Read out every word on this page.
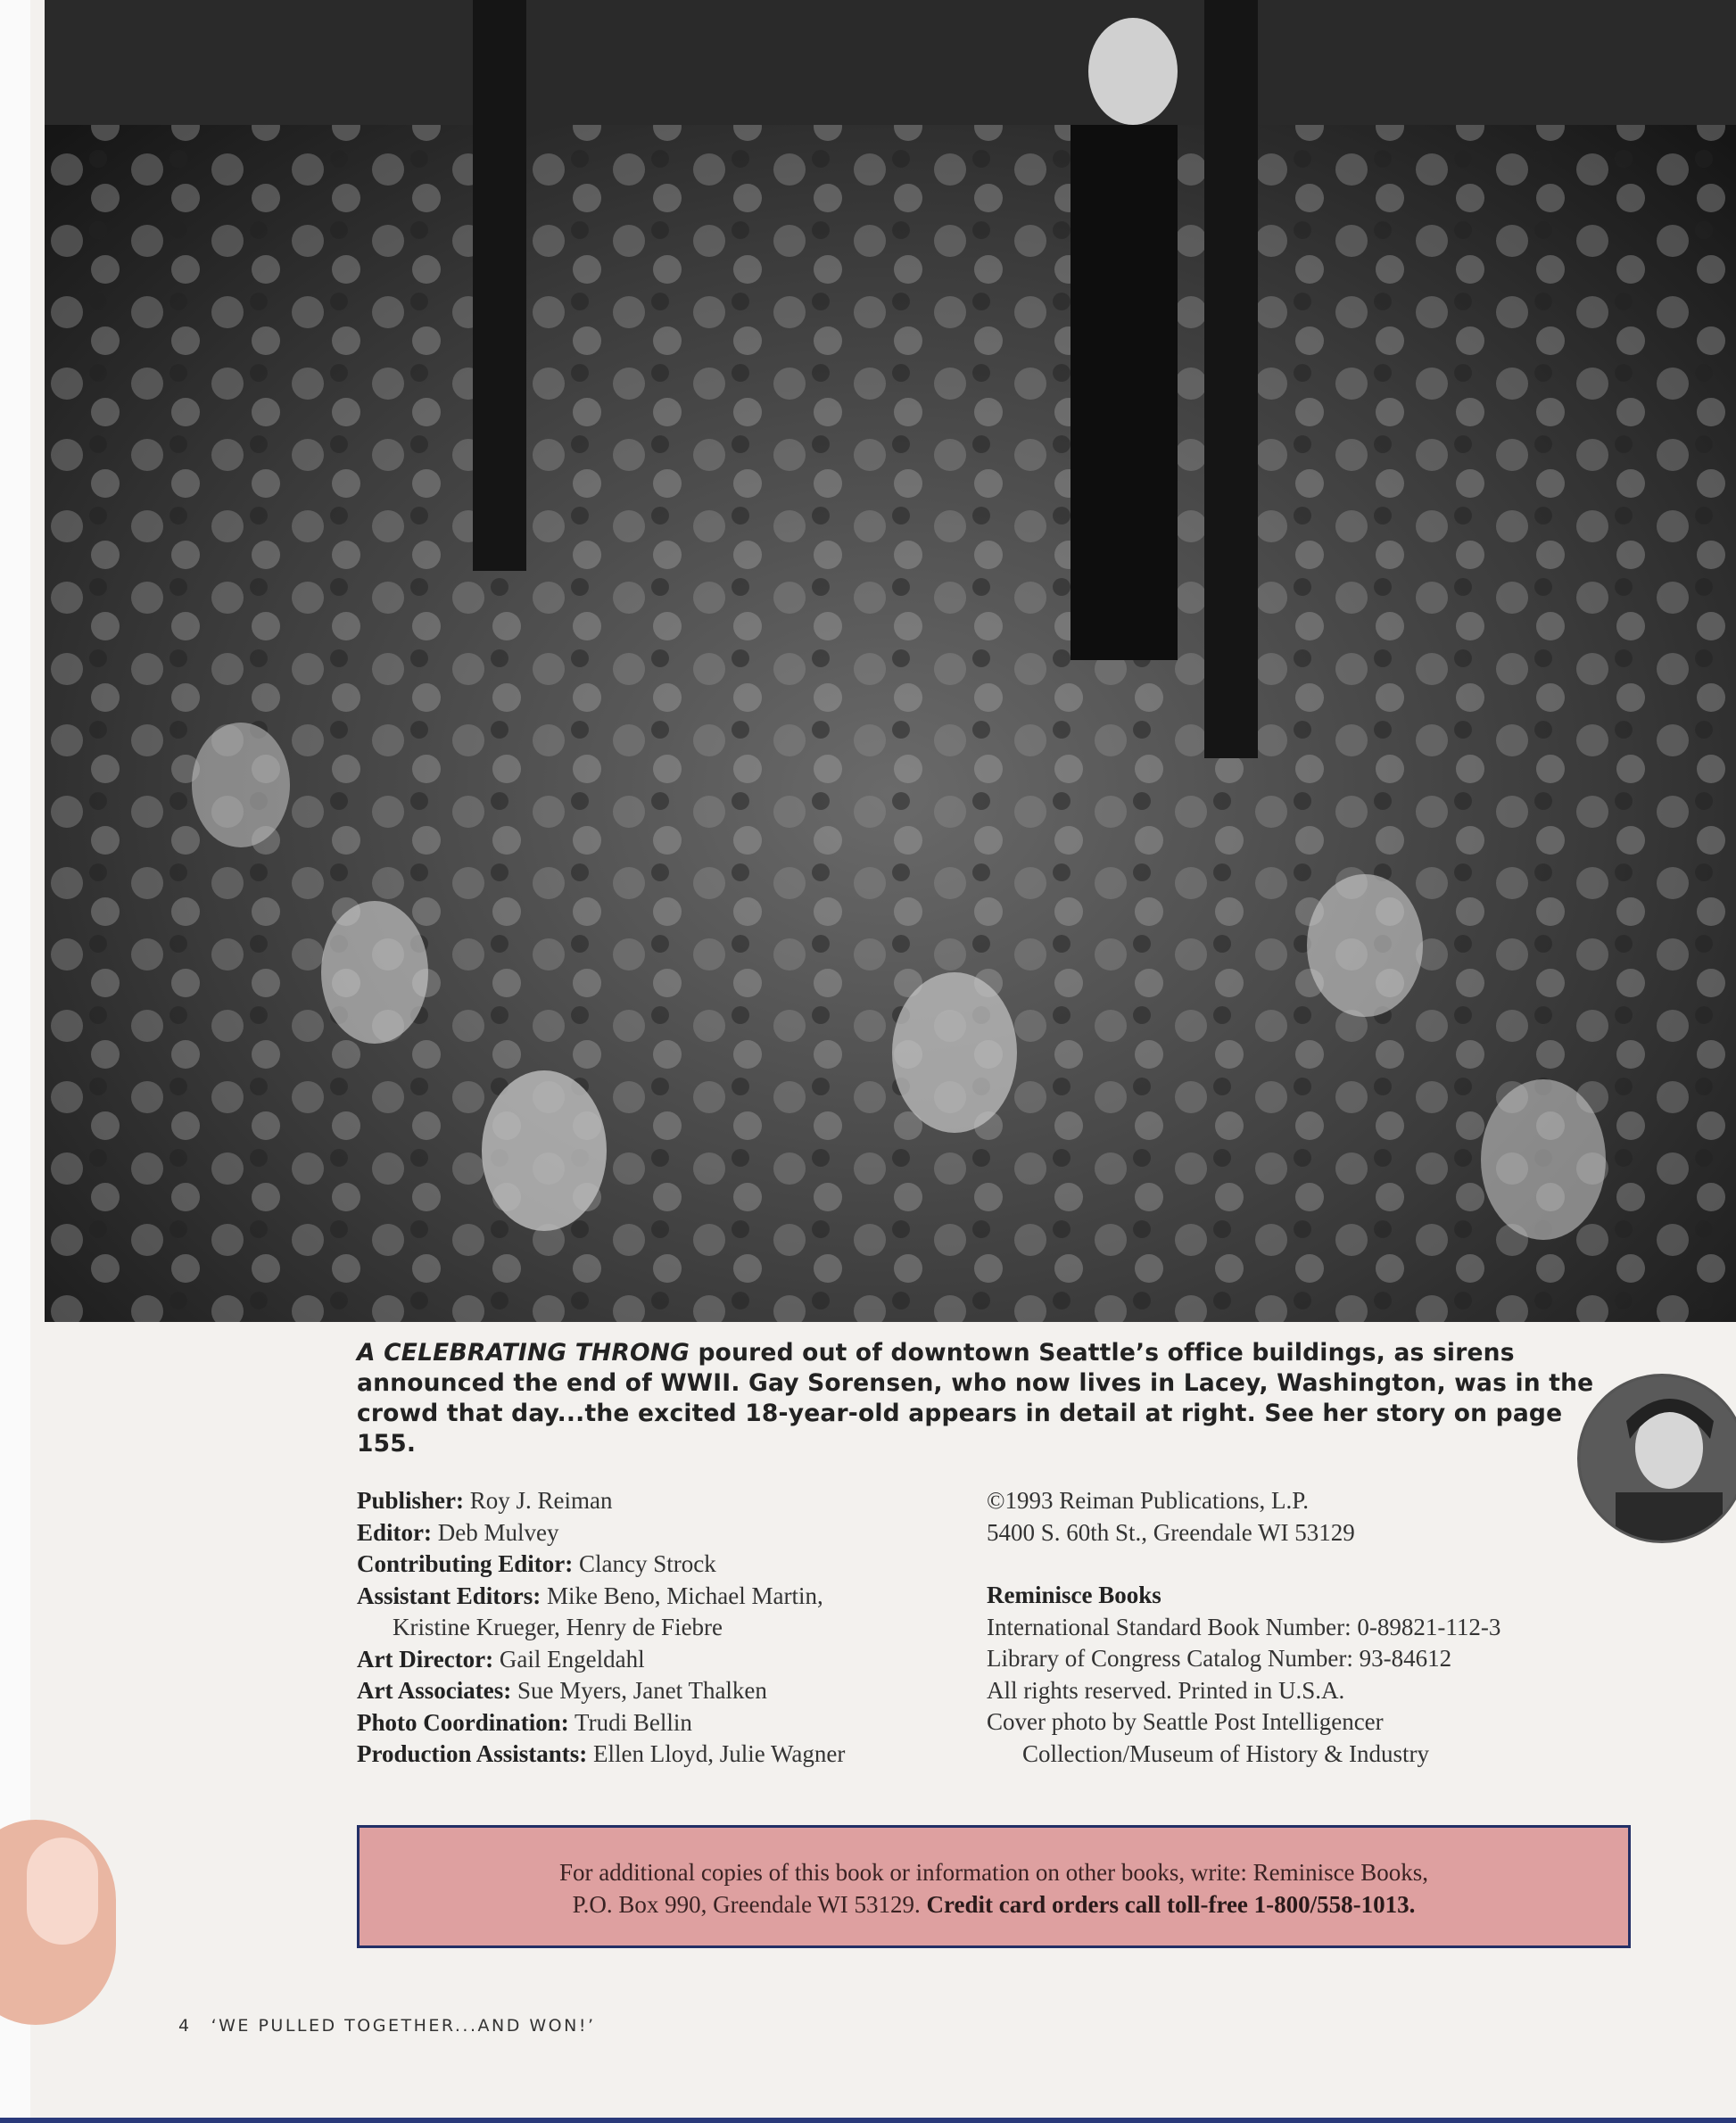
A CELEBRATING THRONG poured out of downtown Seattle’s office buildings, as sirens announced the end of WWII. Gay Sorensen, who now lives in Lacey, Washington, was in the crowd that day...the excited 18-year-old appears in detail at right. See her story on page 155.
Publisher: Roy J. Reiman
Editor: Deb Mulvey
Contributing Editor: Clancy Strock
Assistant Editors: Mike Beno, Michael Martin,
Kristine Krueger, Henry de Fiebre
Art Director: Gail Engeldahl
Art Associates: Sue Myers, Janet Thalken
Photo Coordination: Trudi Bellin
Production Assistants: Ellen Lloyd, Julie Wagner
©1993 Reiman Publications, L.P.
5400 S. 60th St., Greendale WI 53129
Reminisce Books
International Standard Book Number: 0-89821-112-3
Library of Congress Catalog Number: 93-84612
All rights reserved. Printed in U.S.A.
Cover photo by Seattle Post Intelligencer
Collection/Museum of History & Industry
For additional copies of this book or information on other books, write: Reminisce Books,
P.O. Box 990, Greendale WI 53129. Credit card orders call toll-free 1-800/558-1013.
4 ‘WE PULLED TOGETHER...AND WON!’
